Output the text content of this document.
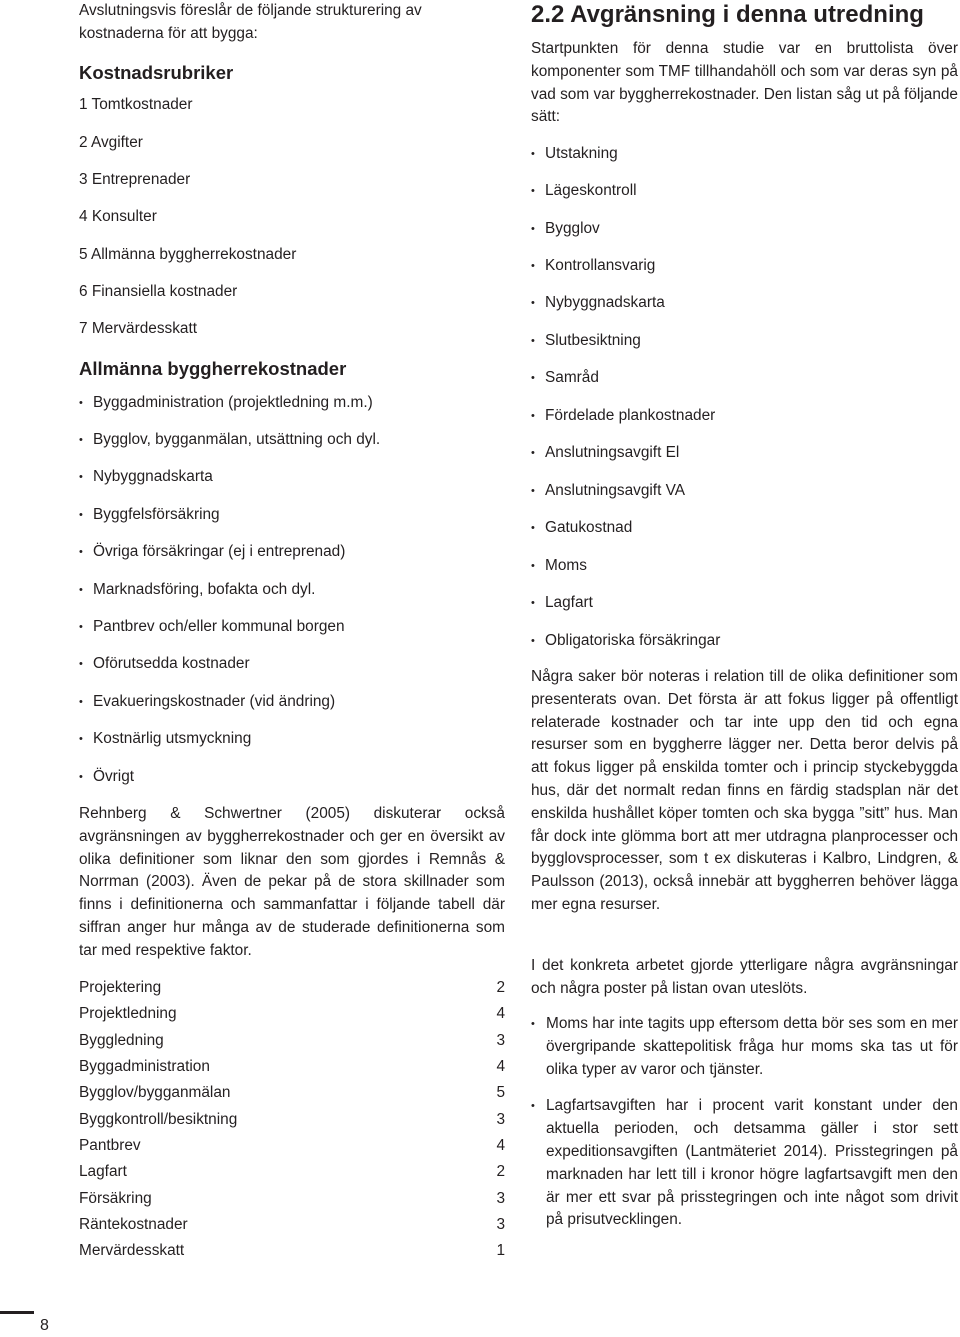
Avslutningsvis föreslår de följande strukturering av kostnaderna för att bygga:

Kostnadsrubriker
1 Tomtkostnader
2 Avgifter
3 Entreprenader
4 Konsulter
5 Allmänna byggherrekostnader
6 Finansiella kostnader
7 Mervärdesskatt
Allmänna byggherrekostnader
• Byggadministration (projektledning m.m.)
• Bygglov, bygganmälan, utsättning och dyl.
• Nybyggnadskarta
• Byggfelsförsäkring
• Övriga försäkringar (ej i entreprenad)
• Marknadsföring, bofakta och dyl.
• Pantbrev och/eller kommunal borgen
• Oförutsedda kostnader
• Evakueringskostnader (vid ändring)
• Kostnärlig utsmyckning
• Övrigt

Rehnberg & Schwertner (2005) diskuterar också avgränsningen av byggherrekostnader och ger en översikt av olika definitioner som liknar den som gjordes i Remnås & Norrman (2003). Även de pekar på de stora skillnader som finns i definitionerna och sammanfattar i följande tabell där siffran anger hur många av de studerade definitionerna som tar med respektive faktor.

Projektering	2
Projektledning	4
Byggledning	3
Byggadministration	4
Bygglov/bygganmälan	5
Byggkontroll/besiktning	3
Pantbrev	4
Lagfart	2
Försäkring	3
Räntekostnader	3
Mervärdesskatt	1
2.2 Avgränsning i denna utredning

Startpunkten för denna studie var en bruttolista över komponenter som TMF tillhandahöll och som var deras syn på vad som var byggherrekostnader. Den listan såg ut på följande sätt:

• Utstakning
• Lägeskontroll
• Bygglov
• Kontrollansvarig
• Nybyggnadskarta
• Slutbesiktning
• Samråd
• Fördelade plankostnader
• Anslutningsavgift El
• Anslutningsavgift VA
• Gatukostnad
• Moms
• Lagfart
• Obligatoriska försäkringar

Några saker bör noteras i relation till de olika definitioner som presenterats ovan. Det första är att fokus ligger på offentligt relaterade kostnader och tar inte upp den tid och egna resurser som en byggherre lägger ner. Detta beror delvis på att fokus ligger på enskilda tomter och i princip styckebyggda hus, där det normalt redan finns en färdig stadsplan när det enskilda hushållet köper tomten och ska bygga ”sitt” hus. Man får dock inte glömma bort att mer utdragna planprocesser och bygglovsprocesser, som t ex diskuteras i Kalbro, Lindgren, & Paulsson (2013), också innebär att byggherren behöver lägga mer egna resurser.

I det konkreta arbetet gjorde ytterligare några avgränsningar och några poster på listan ovan uteslöts.

• Moms har inte tagits upp eftersom detta bör ses som en mer övergripande skattepolitisk fråga hur moms ska tas ut för olika typer av varor och tjänster.
• Lagfartsavgiften har i procent varit konstant under den aktuella perioden, och detsamma gäller i stor sett expeditionsavgiften (Lantmäteriet 2014). Prisstegringen på marknaden har lett till i kronor högre lagfartsavgift men den är mer ett svar på prisstegringen och inte något som drivit på prisutvecklingen.
8
